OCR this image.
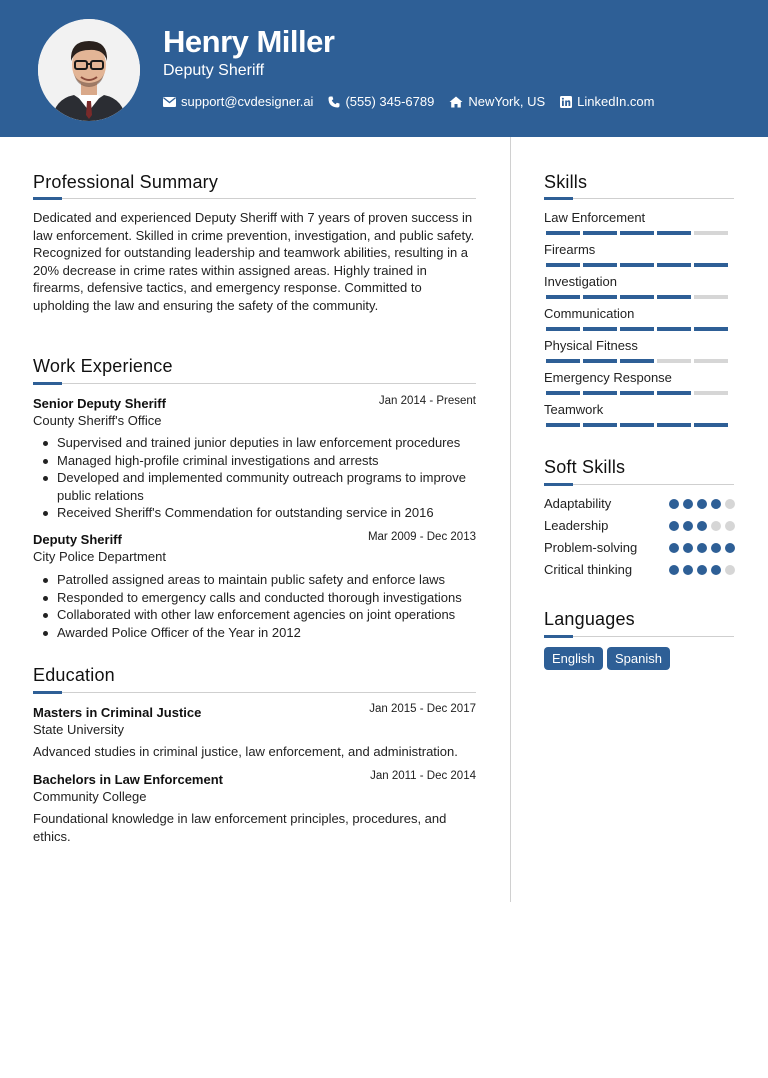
Henry Miller
Deputy Sheriff
support@cvdesigner.ai (555) 345-6789	NewYork, US LinkedIn.com
Professional Summary
Dedicated and experienced Deputy Sheriff with 7 years of proven success in law enforcement. Skilled in crime prevention, investigation, and public safety. Recognized for outstanding leadership and teamwork abilities, resulting in a 20% decrease in crime rates within assigned areas. Highly trained in firearms, defensive tactics, and emergency response. Committed to upholding the law and ensuring the safety of the community.
Work Experience
Senior Deputy Sheriff	Jan 2014 - Present
County Sheriff's Office
Supervised and trained junior deputies in law enforcement procedures
Managed high-profile criminal investigations and arrests
Developed and implemented community outreach programs to improve public relations
Received Sheriff's Commendation for outstanding service in 2016
Deputy Sheriff	Mar 2009 - Dec 2013
City Police Department
Patrolled assigned areas to maintain public safety and enforce laws
Responded to emergency calls and conducted thorough investigations
Collaborated with other law enforcement agencies on joint operations
Awarded Police Officer of the Year in 2012
Education
Masters in Criminal Justice	Jan 2015 - Dec 2017
State University
Advanced studies in criminal justice, law enforcement, and administration.
Bachelors in Law Enforcement	Jan 2011 - Dec 2014
Community College
Foundational knowledge in law enforcement principles, procedures, and ethics.
Skills
Law Enforcement
Firearms
Investigation
Communication
Physical Fitness
Emergency Response
Teamwork
Soft Skills
Adaptability
Leadership
Problem-solving
Critical thinking
Languages
English	Spanish
